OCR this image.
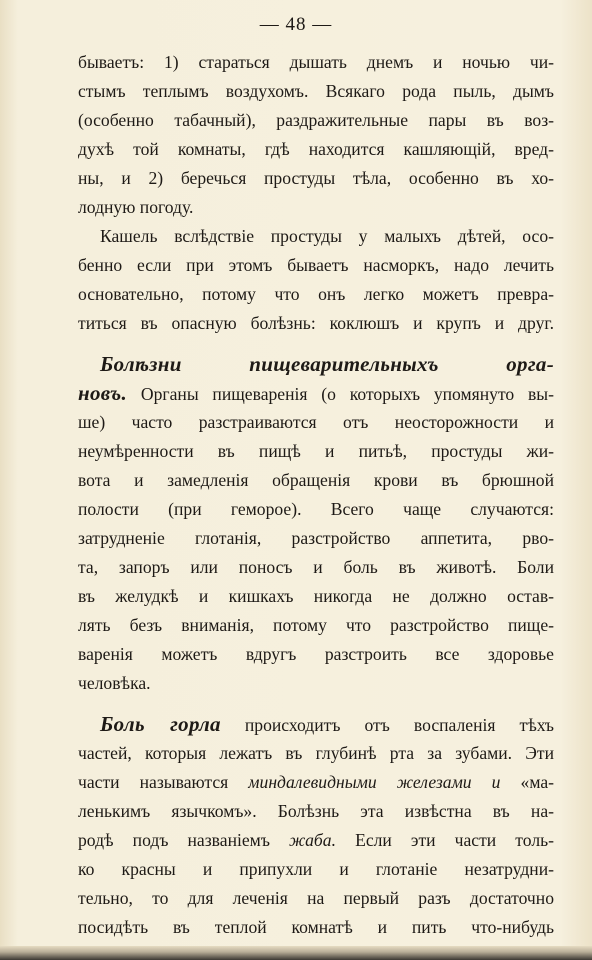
— 48 —
бываетъ: 1) стараться дышать днемъ и ночью чи-
стымъ теплымъ воздухомъ. Всякаго рода пыль, дымъ
(особенно табачный), раздражительные пары въ воз-
духѣ той комнаты, гдѣ находится кашляющій, вред-
ны, и 2) беречься простуды тѣла, особенно въ хо-
лодную погоду.
Кашель вслѣдствіе простуды у малыхъ дѣтей, осо-
бенно если при этомъ бываетъ насморкъ, надо лечить
основательно, потому что онъ легко можетъ превра-
титься въ опасную болѣзнь: коклюшъ и крупъ и друг.
Болѣзни пищеварительныхъ орга-
новъ. Органы пищеваренія (о которыхъ упомянуто вы-
ше) часто разстраиваются отъ неосторожности и
неумѣренности въ пищѣ и питьѣ, простуды жи-
вота и замедленія обращенія крови въ брюшной
полости (при геморое). Всего чаще случаются:
затрудненіе глотанія, разстройство аппетита, рво-
та, запоръ или поносъ и боль въ животѣ. Боли
въ желудкѣ и кишкахъ никогда не должно остав-
лять безъ вниманія, потому что разстройство пище-
варенія можетъ вдругъ разстроить все здоровье
человѣка.
Боль горла происходитъ отъ воспаленія тѣхъ
частей, которыя лежатъ въ глубинѣ рта за зубами. Эти
части называются миндалевидными железами и «ма-
ленькимъ язычкомъ». Болѣзнь эта извѣстна въ на-
родѣ подъ названіемъ жаба. Если эти части толь-
ко красны и припухли и глотаніе незатрудни-
тельно, то для леченія на первый разъ достаточно
посидѣть въ теплой комнатѣ и пить что-нибудь
